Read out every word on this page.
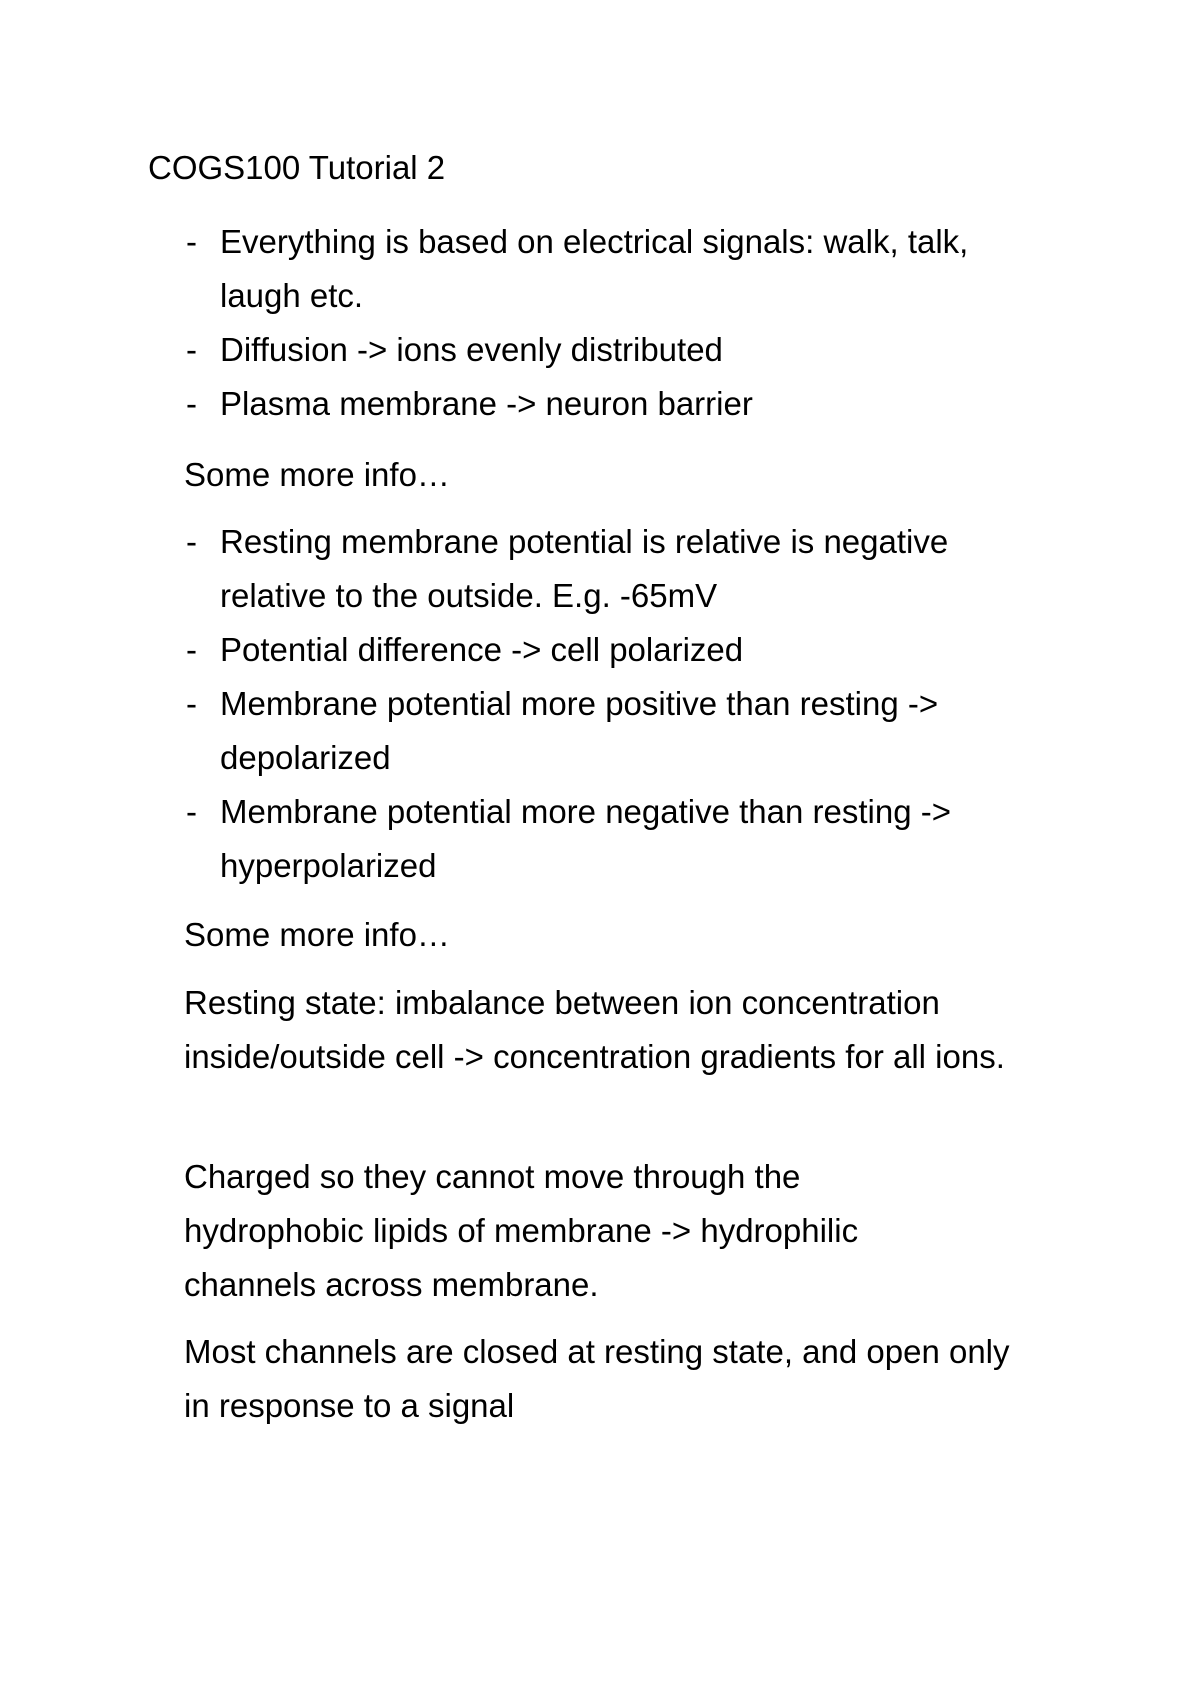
COGS100 Tutorial 2
- Everything is based on electrical signals: walk, talk, laugh etc.
- Diffusion -> ions evenly distributed
- Plasma membrane -> neuron barrier

Some more info…

- Resting membrane potential is relative is negative relative to the outside. E.g. -65mV
- Potential difference -> cell polarized
- Membrane potential more positive than resting -> depolarized
- Membrane potential more negative than resting -> hyperpolarized

Some more info…

Resting state: imbalance between ion concentration inside/outside cell -> concentration gradients for all ions.

Charged so they cannot move through the hydrophobic lipids of membrane -> hydrophilic channels across membrane.

Most channels are closed at resting state, and open only in response to a signal
